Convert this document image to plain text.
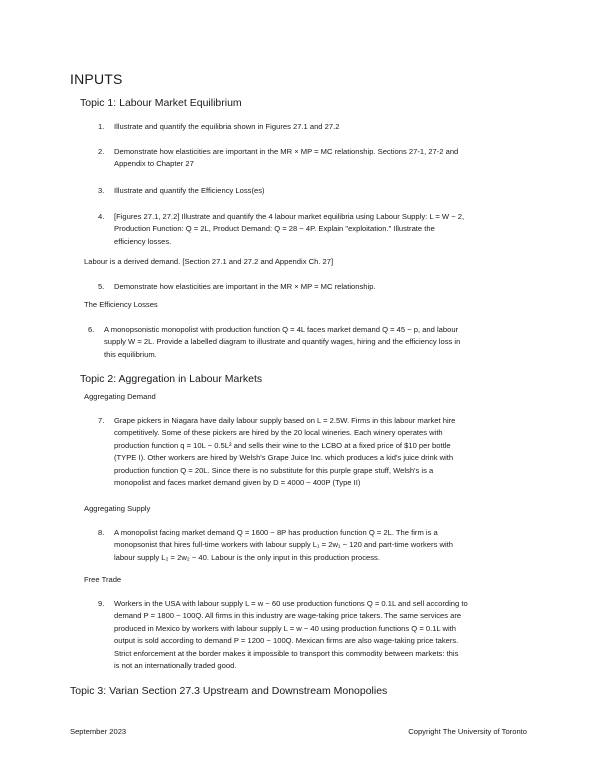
INPUTS
Topic 1: Labour Market Equilibrium
1. Illustrate and quantify the equilibria shown in Figures 27.1 and 27.2
2. Demonstrate how elasticities are important in the MR × MP = MC relationship. Sections 27-1, 27-2 and
Appendix to Chapter 27
3. Illustrate and quantify the Efficiency Loss(es)
4. [Figures 27.1, 27.2] Illustrate and quantify the 4 labour market equilibria using Labour Supply: L = W − 2,
Production Function: Q = 2L, Product Demand: Q = 28 − 4P. Explain "exploitation." Illustrate the
efficiency losses.
Labour is a derived demand. [Section 27.1 and 27.2 and Appendix Ch. 27]
5. Demonstrate how elasticities are important in the MR × MP = MC relationship.
The Efficiency Losses
6. A monopsonistic monopolist with production function Q = 4L faces market demand Q = 45 − p, and labour
supply W = 2L. Provide a labelled diagram to illustrate and quantify wages, hiring and the efficiency loss in
this equilibrium.
Topic 2: Aggregation in Labour Markets
Aggregating Demand
7. Grape pickers in Niagara have daily labour supply based on L = 2.5W. Firms in this labour market hire
competitively. Some of these pickers are hired by the 20 local wineries. Each winery operates with
production function q = 10L − 0.5L² and sells their wine to the LCBO at a fixed price of $10 per bottle
(TYPE I). Other workers are hired by Welsh's Grape Juice Inc. which produces a kid's juice drink with
production function Q = 20L. Since there is no substitute for this purple grape stuff, Welsh's is a
monopolist and faces market demand given by D = 4000 − 400P (Type II)
Aggregating Supply
8. A monopolist facing market demand Q = 1600 − 8P has production function Q = 2L. The firm is a
monopsonist that hires full-time workers with labour supply L₁ = 2w₁ − 120 and part-time workers with
labour supply L₂ = 2w₂ − 40. Labour is the only input in this production process.
Free Trade
9. Workers in the USA with labour supply L = w − 60 use production functions Q = 0.1L and sell according to
demand P = 1800 − 100Q. All firms in this industry are wage-taking price takers. The same services are
produced in Mexico by workers with labour supply L = w − 40 using production functions Q = 0.1L with
output is sold according to demand P = 1200 − 100Q. Mexican firms are also wage-taking price takers.
Strict enforcement at the border makes it impossible to transport this commodity between markets: this
is not an internationally traded good.
Topic 3: Varian Section 27.3 Upstream and Downstream Monopolies
September 2023	Copyright The University of Toronto
